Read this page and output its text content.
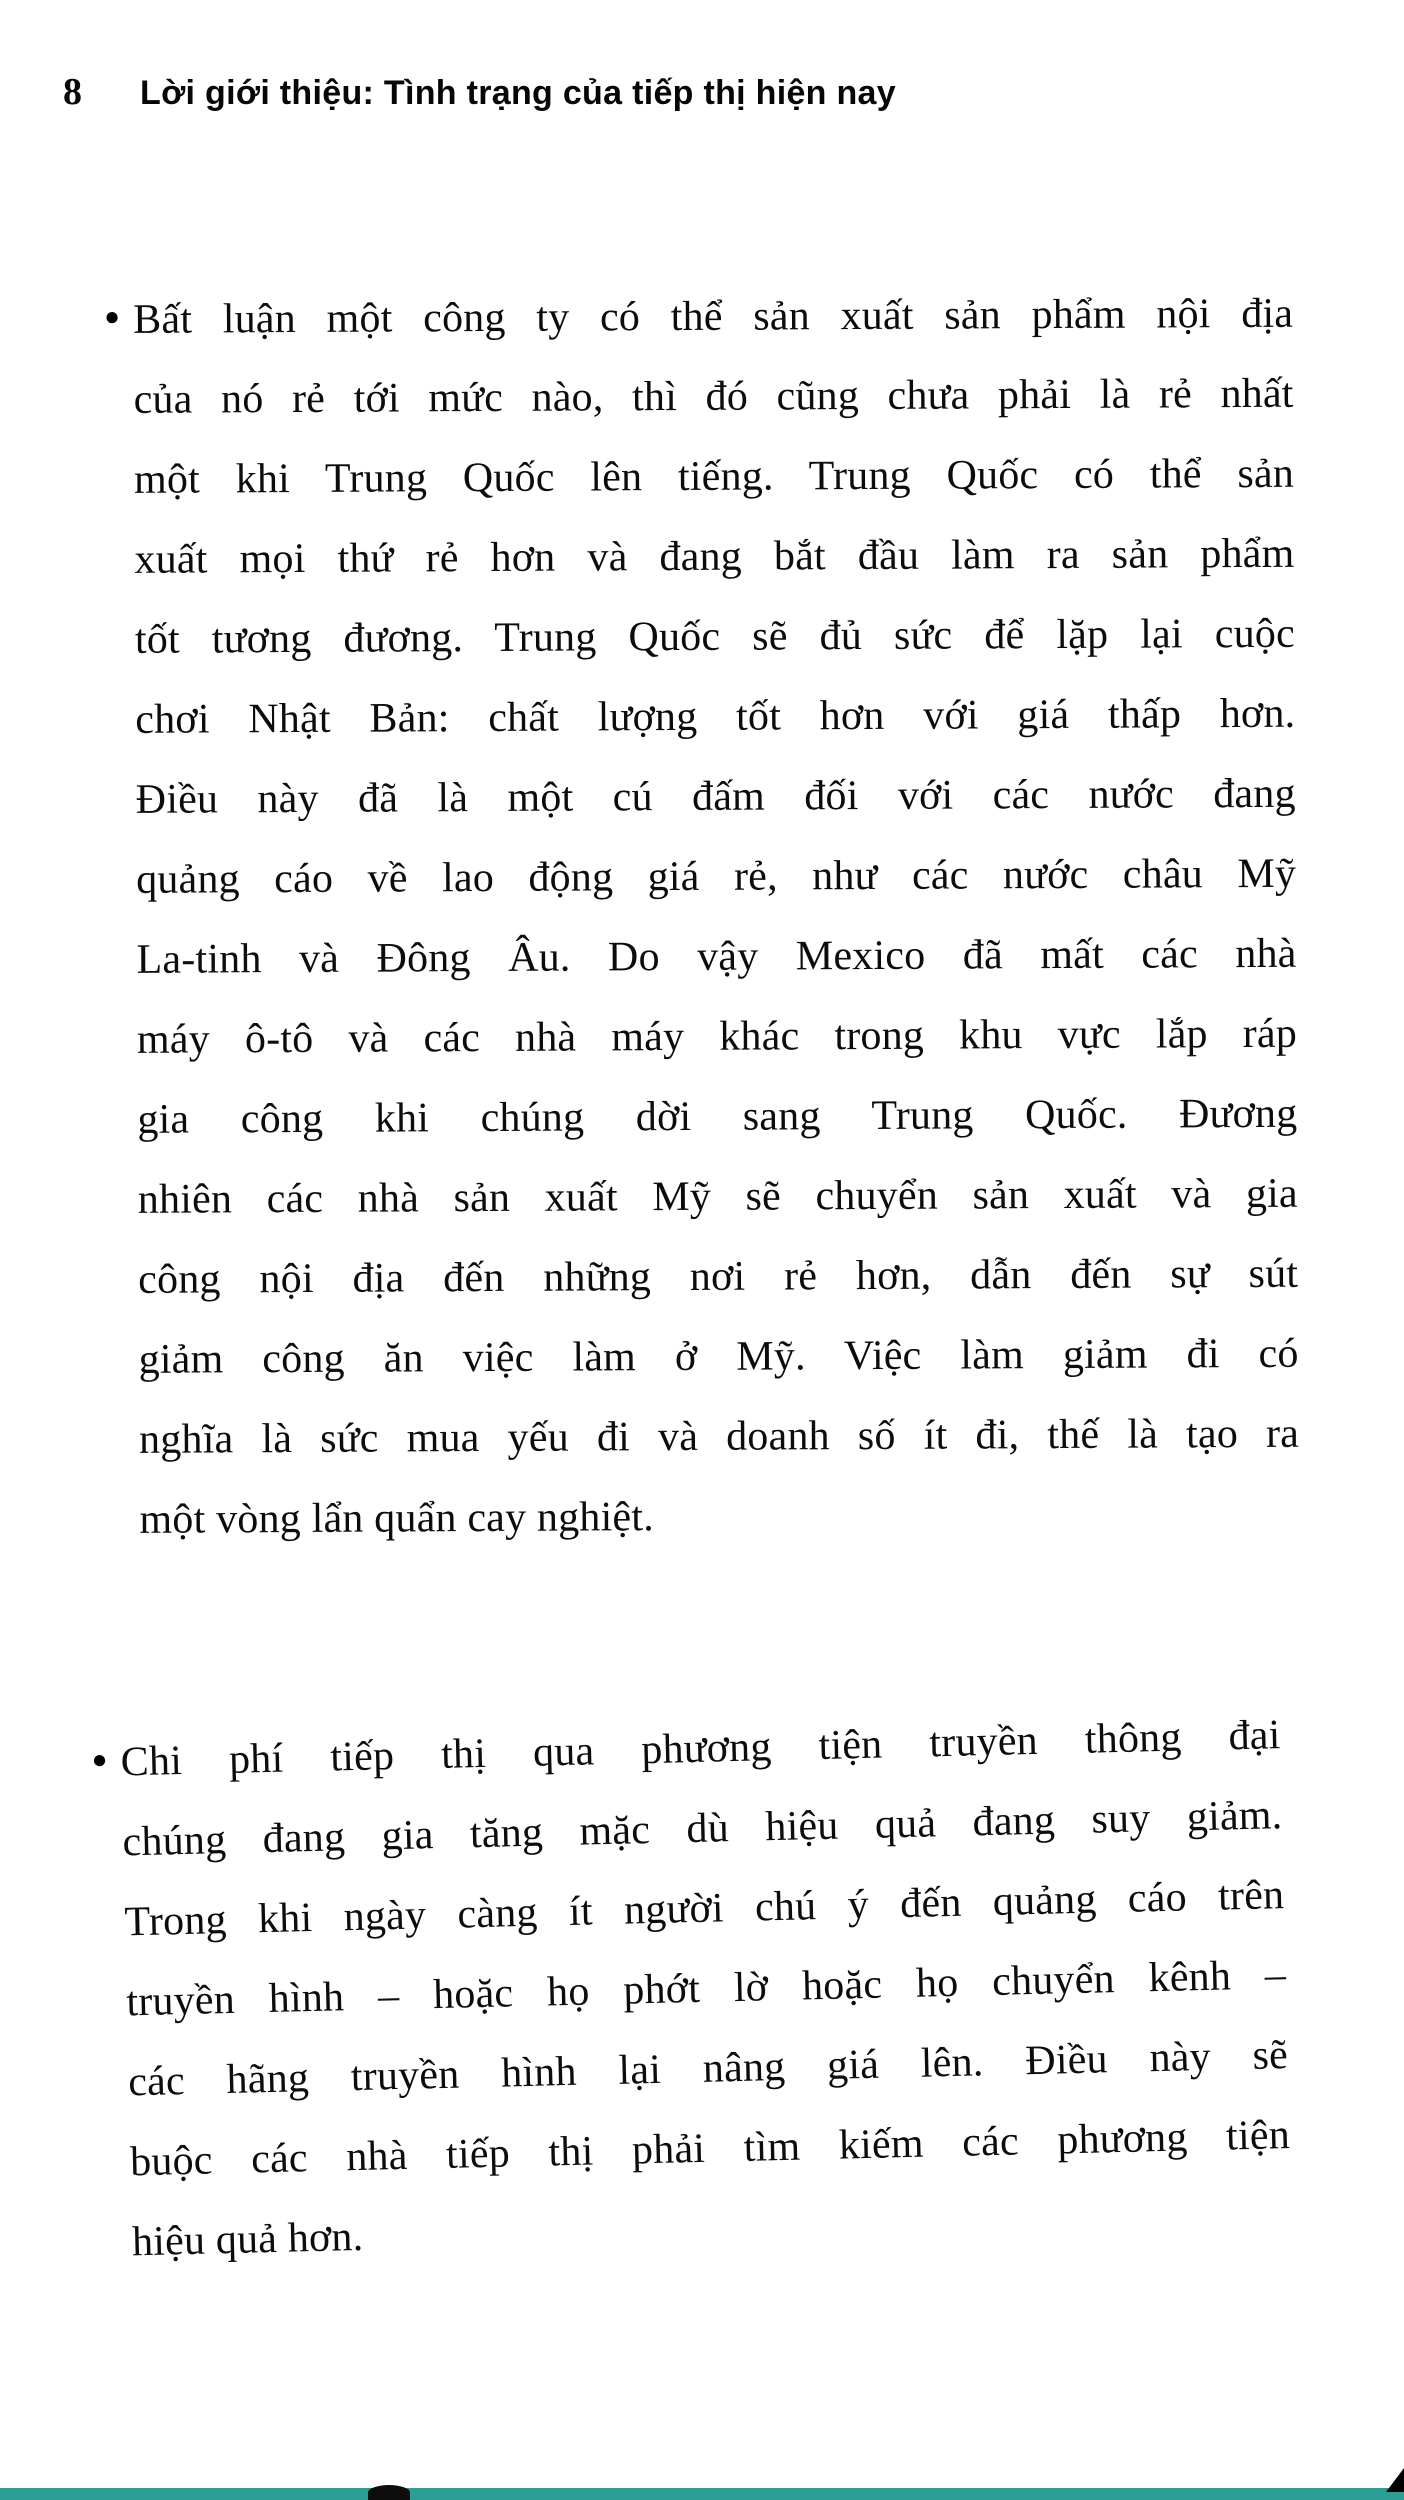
8 Lời giới thiệu: Tình trạng của tiếp thị hiện nay
● Bất luận một công ty có thể sản xuất sản phẩm nội địa
của nó rẻ tới mức nào, thì đó cũng chưa phải là rẻ nhất
một khi Trung Quốc lên tiếng. Trung Quốc có thể sản
xuất mọi thứ rẻ hơn và đang bắt đầu làm ra sản phẩm
tốt tương đương. Trung Quốc sẽ đủ sức để lặp lại cuộc
chơi Nhật Bản: chất lượng tốt hơn với giá thấp hơn.
Điều này đã là một cú đấm đối với các nước đang
quảng cáo về lao động giá rẻ, như các nước châu Mỹ
La-tinh và Đông Âu. Do vậy Mexico đã mất các nhà
máy ô-tô và các nhà máy khác trong khu vực lắp ráp
gia công khi chúng dời sang Trung Quốc. Đương
nhiên các nhà sản xuất Mỹ sẽ chuyển sản xuất và gia
công nội địa đến những nơi rẻ hơn, dẫn đến sự sút
giảm công ăn việc làm ở Mỹ. Việc làm giảm đi có
nghĩa là sức mua yếu đi và doanh số ít đi, thế là tạo ra
một vòng lẩn quẩn cay nghiệt.
● Chi phí tiếp thị qua phương tiện truyền thông đại
chúng đang gia tăng mặc dù hiệu quả đang suy giảm.
Trong khi ngày càng ít người chú ý đến quảng cáo trên
truyền hình – hoặc họ phớt lờ hoặc họ chuyển kênh –
các hãng truyền hình lại nâng giá lên. Điều này sẽ
buộc các nhà tiếp thị phải tìm kiếm các phương tiện
hiệu quả hơn.
